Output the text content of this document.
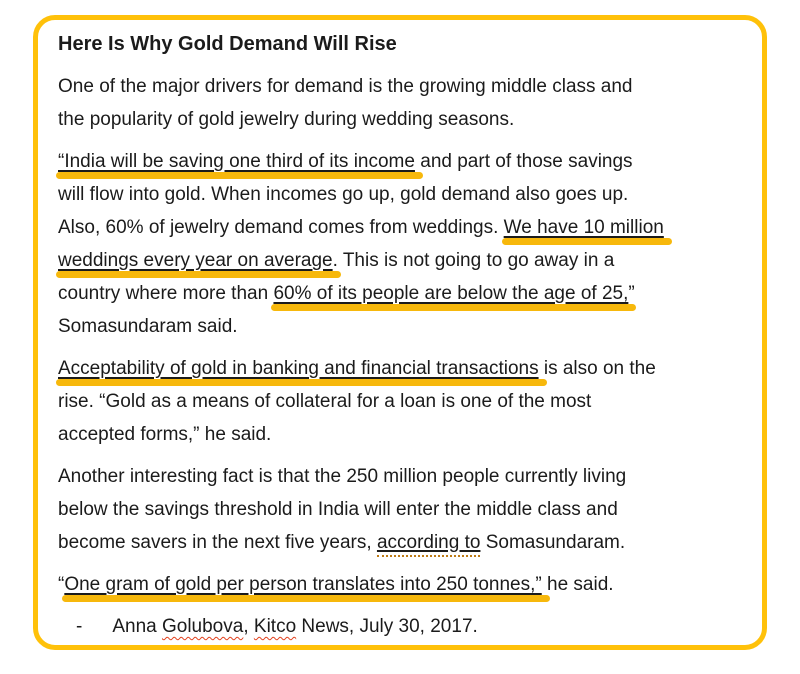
Here Is Why Gold Demand Will Rise
One of the major drivers for demand is the growing middle class and
the popularity of gold jewelry during wedding seasons.
“India will be saving one third of its income and part of those savings
will flow into gold. When incomes go up, gold demand also goes up.
Also, 60% of jewelry demand comes from weddings. We have 10 million
weddings every year on average. This is not going to go away in a
country where more than 60% of its people are below the age of 25,”
Somasundaram said.
Acceptability of gold in banking and financial transactions is also on the
rise. “Gold as a means of collateral for a loan is one of the most
accepted forms,” he said.
Another interesting fact is that the 250 million people currently living
below the savings threshold in India will enter the middle class and
become savers in the next five years, according to Somasundaram.
“One gram of gold per person translates into 250 tonnes,” he said.
- Anna Golubova, Kitco News, July 30, 2017.
